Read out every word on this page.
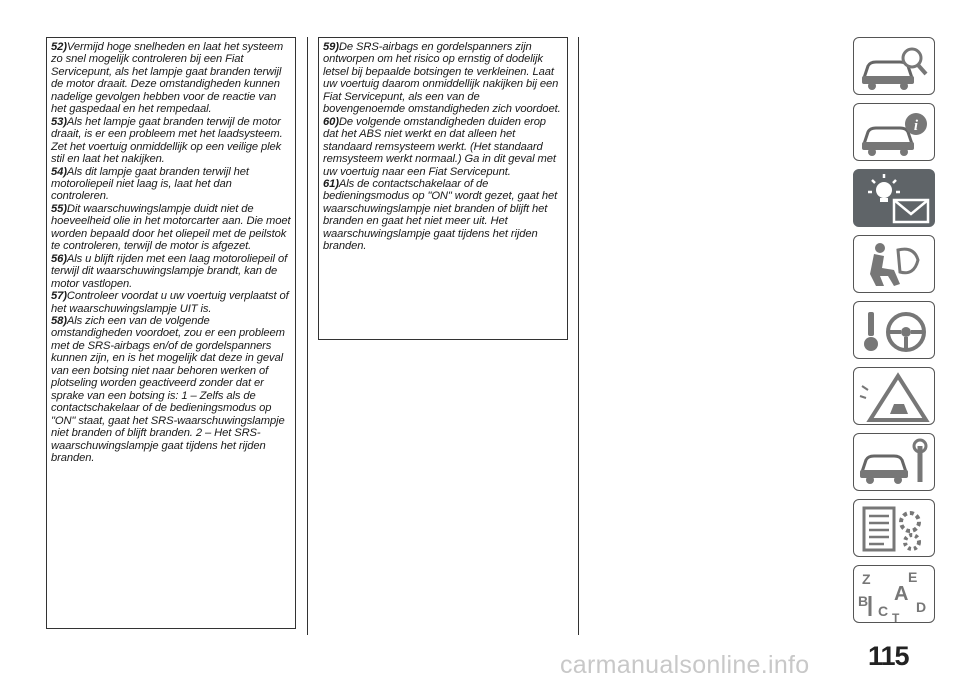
52)Vermijd hoge snelheden en laat het systeem zo snel mogelijk controleren bij een Fiat Servicepunt, als het lampje gaat branden terwijl de motor draait. Deze omstandigheden kunnen nadelige gevolgen hebben voor de reactie van het gaspedaal en het rempedaal.

53)Als het lampje gaat branden terwijl de motor draait, is er een probleem met het laadsysteem. Zet het voertuig onmiddellijk op een veilige plek stil en laat het nakijken.

54)Als dit lampje gaat branden terwijl het motoroliepeil niet laag is, laat het dan controleren.

55)Dit waarschuwingslampje duidt niet de hoeveelheid olie in het motorcarter aan. Die moet worden bepaald door het oliepeil met de peilstok te controleren, terwijl de motor is afgezet.

56)Als u blijft rijden met een laag motoroliepeil of terwijl dit waarschuwingslampje brandt, kan de motor vastlopen.

57)Controleer voordat u uw voertuig verplaatst of het waarschuwingslampje UIT is.

58)Als zich een van de volgende omstandigheden voordoet, zou er een probleem met de SRS-airbags en/of de gordelspanners kunnen zijn, en is het mogelijk dat deze in geval van een botsing niet naar behoren werken of plotseling worden geactiveerd zonder dat er sprake van een botsing is: 1 – Zelfs als de contactschakelaar of de bedieningsmodus op "ON" staat, gaat het SRS-waarschuwingslampje niet branden of blijft branden. 2 – Het SRS-waarschuwingslampje gaat tijdens het rijden branden.

59)De SRS-airbags en gordelspanners zijn ontworpen om het risico op ernstig of dodelijk letsel bij bepaalde botsingen te verkleinen. Laat uw voertuig daarom onmiddellijk nakijken bij een Fiat Servicepunt, als een van de bovengenoemde omstandigheden zich voordoet.

60)De volgende omstandigheden duiden erop dat het ABS niet werkt en dat alleen het standaard remsysteem werkt. (Het standaard remsysteem werkt normaal.) Ga in dit geval met uw voertuig naar een Fiat Servicepunt.

61)Als de contactschakelaar of de bedieningsmodus op "ON" wordt gezet, gaat het waarschuwingslampje niet branden of blijft het branden en gaat het niet meer uit. Het waarschuwingslampje gaat tijdens het rijden branden.

i
Z	E
A
B
C D
T
115
carmanualsonline.info
